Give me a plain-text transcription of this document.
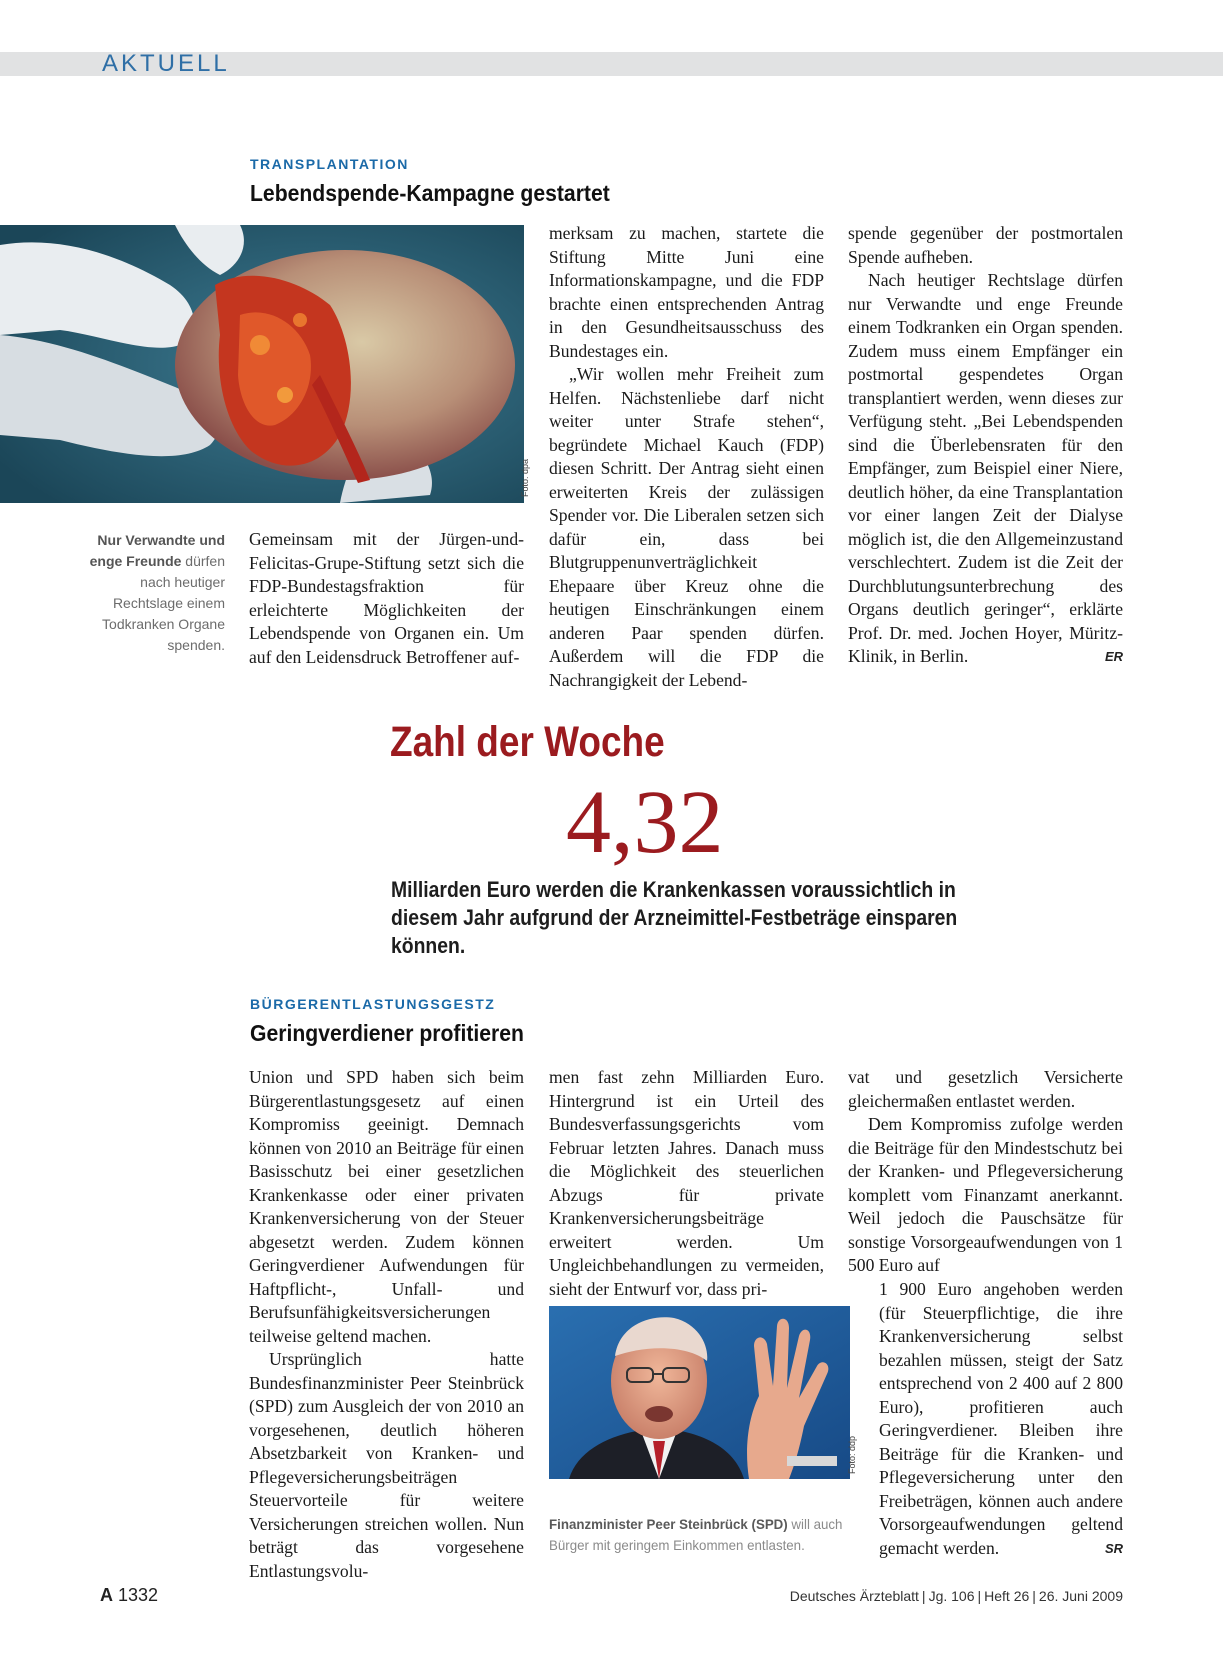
AKTUELL
TRANSPLANTATION
Lebendspende-Kampagne gestartet
Foto: dpa
Nur Verwandte und enge Freunde dürfen nach heutiger Rechtslage einem Todkranken Organe spenden.

Gemeinsam mit der Jürgen-und-Felicitas-Grupe-Stiftung setzt sich die FDP-Bundestagsfraktion für erleichterte Möglichkeiten der Lebendspende von Organen ein. Um auf den Leidensdruck Betroffener auf-

merksam zu machen, startete die Stiftung Mitte Juni eine Informationskampagne, und die FDP brachte einen entsprechenden Antrag in den Gesundheitsausschuss des Bundestages ein.

„Wir wollen mehr Freiheit zum Helfen. Nächstenliebe darf nicht weiter unter Strafe stehen“, begründete Michael Kauch (FDP) diesen Schritt. Der Antrag sieht einen erweiterten Kreis der zulässigen Spender vor. Die Liberalen setzen sich dafür ein, dass bei Blutgruppenunverträglichkeit Ehepaare über Kreuz ohne die heutigen Einschränkungen einem anderen Paar spenden dürfen. Außerdem will die FDP die Nachrangigkeit der Lebend-

spende gegenüber der postmortalen Spende aufheben.

Nach heutiger Rechtslage dürfen nur Verwandte und enge Freunde einem Todkranken ein Organ spenden. Zudem muss einem Empfänger ein postmortal gespendetes Organ transplantiert werden, wenn dieses zur Verfügung steht. „Bei Lebendspenden sind die Überlebensraten für den Empfänger, zum Beispiel einer Niere, deutlich höher, da eine Transplantation vor einer langen Zeit der Dialyse möglich ist, die den Allgemeinzustand verschlechtert. Zudem ist die Zeit der Durchblutungsunterbrechung des Organs deutlich geringer“, erklärte Prof. Dr. med. Jochen Hoyer, Müritz-Klinik, in Berlin.	ER

Zahl der Woche
4,32
Milliarden Euro werden die Krankenkassen voraussichtlich in diesem Jahr aufgrund der Arzneimittel-Festbeträge einsparen können.
BÜRGERENTLASTUNGSGESTZ
Geringverdiener profitieren

Union und SPD haben sich beim Bürgerentlastungsgesetz auf einen Kompromiss geeinigt. Demnach können von 2010 an Beiträge für einen Basisschutz bei einer gesetzlichen Krankenkasse oder einer privaten Krankenversicherung von der Steuer abgesetzt werden. Zudem können Geringverdiener Aufwendungen für Haftpflicht-, Unfall- und Berufsunfähigkeitsversicherungen teilweise geltend machen.

Ursprünglich hatte Bundesfinanzminister Peer Steinbrück (SPD) zum Ausgleich der von 2010 an vorgesehenen, deutlich höheren Absetzbarkeit von Kranken- und Pflegeversicherungsbeiträgen Steuervorteile für weitere Versicherungen streichen wollen. Nun beträgt das vorgesehene Entlastungsvolu-

men fast zehn Milliarden Euro. Hintergrund ist ein Urteil des Bundesverfassungsgerichts vom Februar letzten Jahres. Danach muss die Möglichkeit des steuerlichen Abzugs für private Krankenversicherungsbeiträge erweitert werden. Um Ungleichbehandlungen zu vermeiden, sieht der Entwurf vor, dass pri-

vat und gesetzlich Versicherte gleichermaßen entlastet werden.

Dem Kompromiss zufolge werden die Beiträge für den Mindestschutz bei der Kranken- und Pflegeversicherung komplett vom Finanzamt anerkannt. Weil jedoch die Pauschsätze für sonstige Vorsorgeaufwendungen von 1 500 Euro auf

1 900 Euro angehoben werden (für Steuerpflichtige, die ihre Krankenversicherung selbst bezahlen müssen, steigt der Satz entsprechend von 2 400 auf 2 800 Euro), profitieren auch Geringverdiener. Bleiben ihre Beiträge für die Kranken- und Pflegeversicherung unter den Freibeträgen, können auch andere Vorsorgeaufwendungen geltend gemacht werden.	SR

Foto: ddp
Finanzminister Peer Steinbrück (SPD) will auch Bürger mit geringem Einkommen entlasten.
A 1332	Deutsches Ärzteblatt | Jg. 106 | Heft 26 | 26. Juni 2009
